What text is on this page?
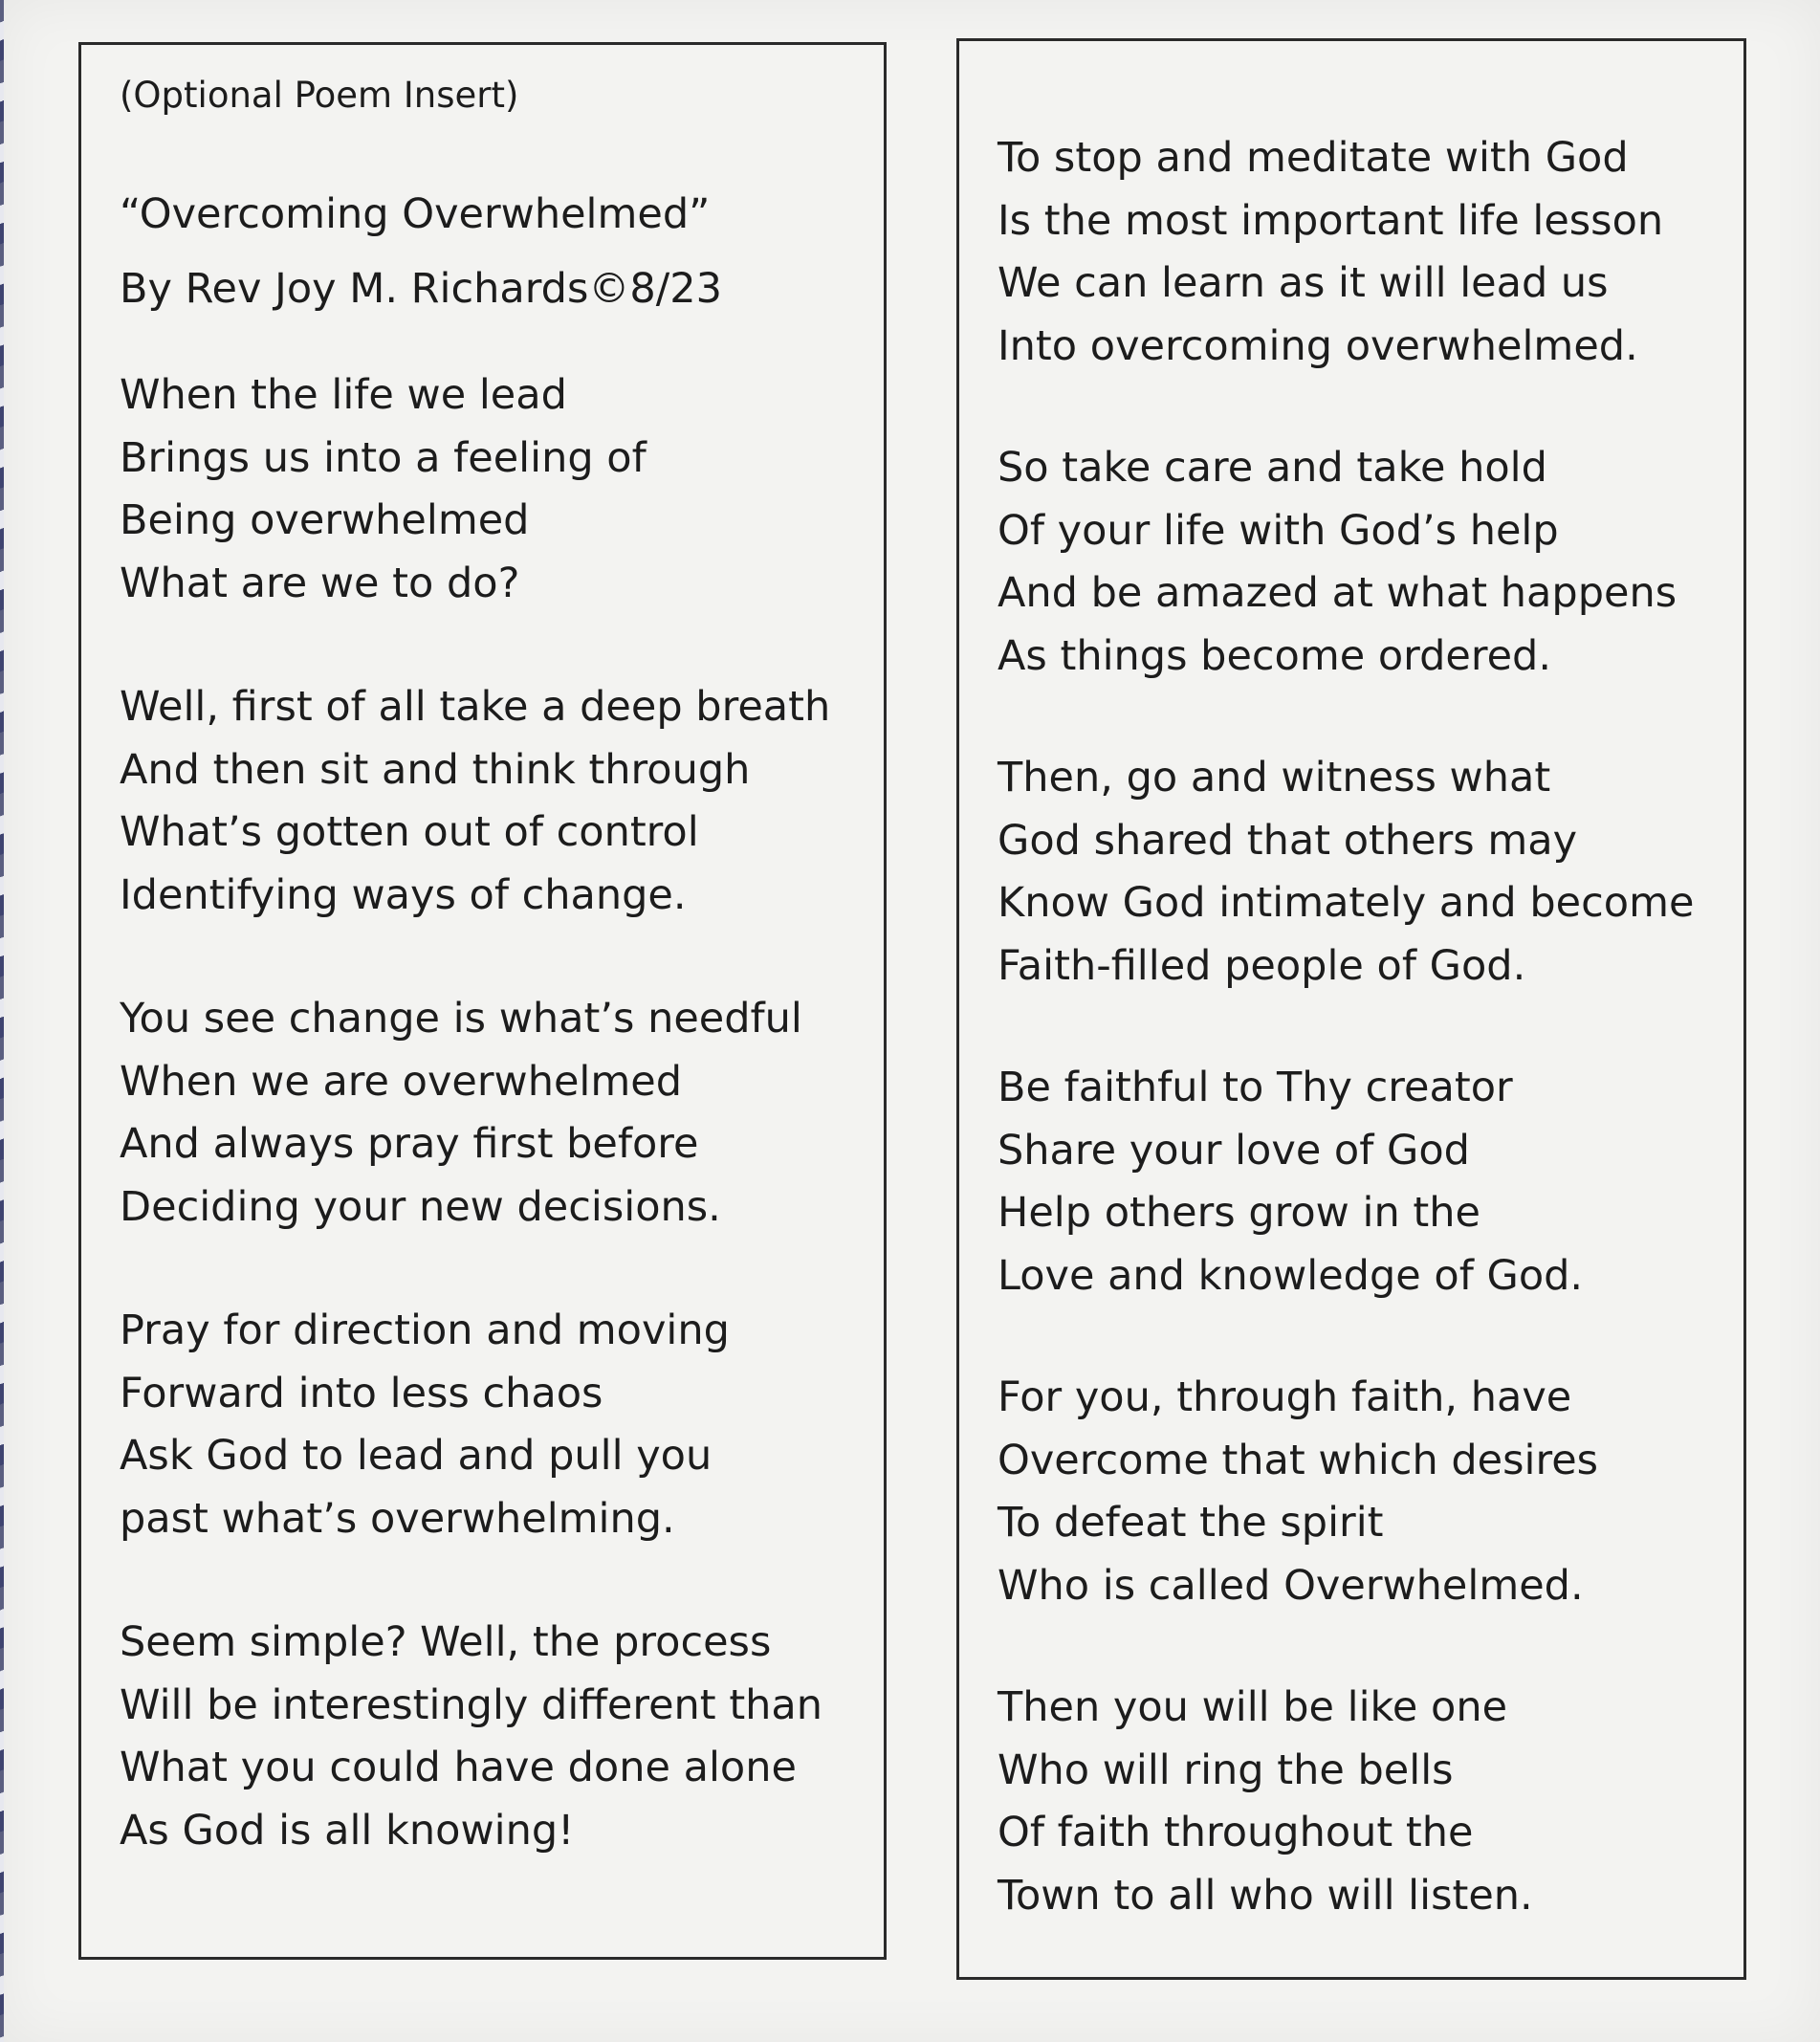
(Optional Poem Insert)
“Overcoming Overwhelmed”
By Rev Joy M. Richards©8/23
When the life we lead
Brings us into a feeling of
Being overwhelmed
What are we to do?
Well, first of all take a deep breath
And then sit and think through
What’s gotten out of control
Identifying ways of change.
You see change is what’s needful
When we are overwhelmed
And always pray first before
Deciding your new decisions.
Pray for direction and moving
Forward into less chaos
Ask God to lead and pull you
past what’s overwhelming.
Seem simple? Well, the process
Will be interestingly different than
What you could have done alone
As God is all knowing!
To stop and meditate with God
Is the most important life lesson
We can learn as it will lead us
Into overcoming overwhelmed.
So take care and take hold
Of your life with God’s help
And be amazed at what happens
As things become ordered.
Then, go and witness what
God shared that others may
Know God intimately and become
Faith-filled people of God.
Be faithful to Thy creator
Share your love of God
Help others grow in the
Love and knowledge of God.
For you, through faith, have
Overcome that which desires
To defeat the spirit
Who is called Overwhelmed.
Then you will be like one
Who will ring the bells
Of faith throughout the
Town to all who will listen.
